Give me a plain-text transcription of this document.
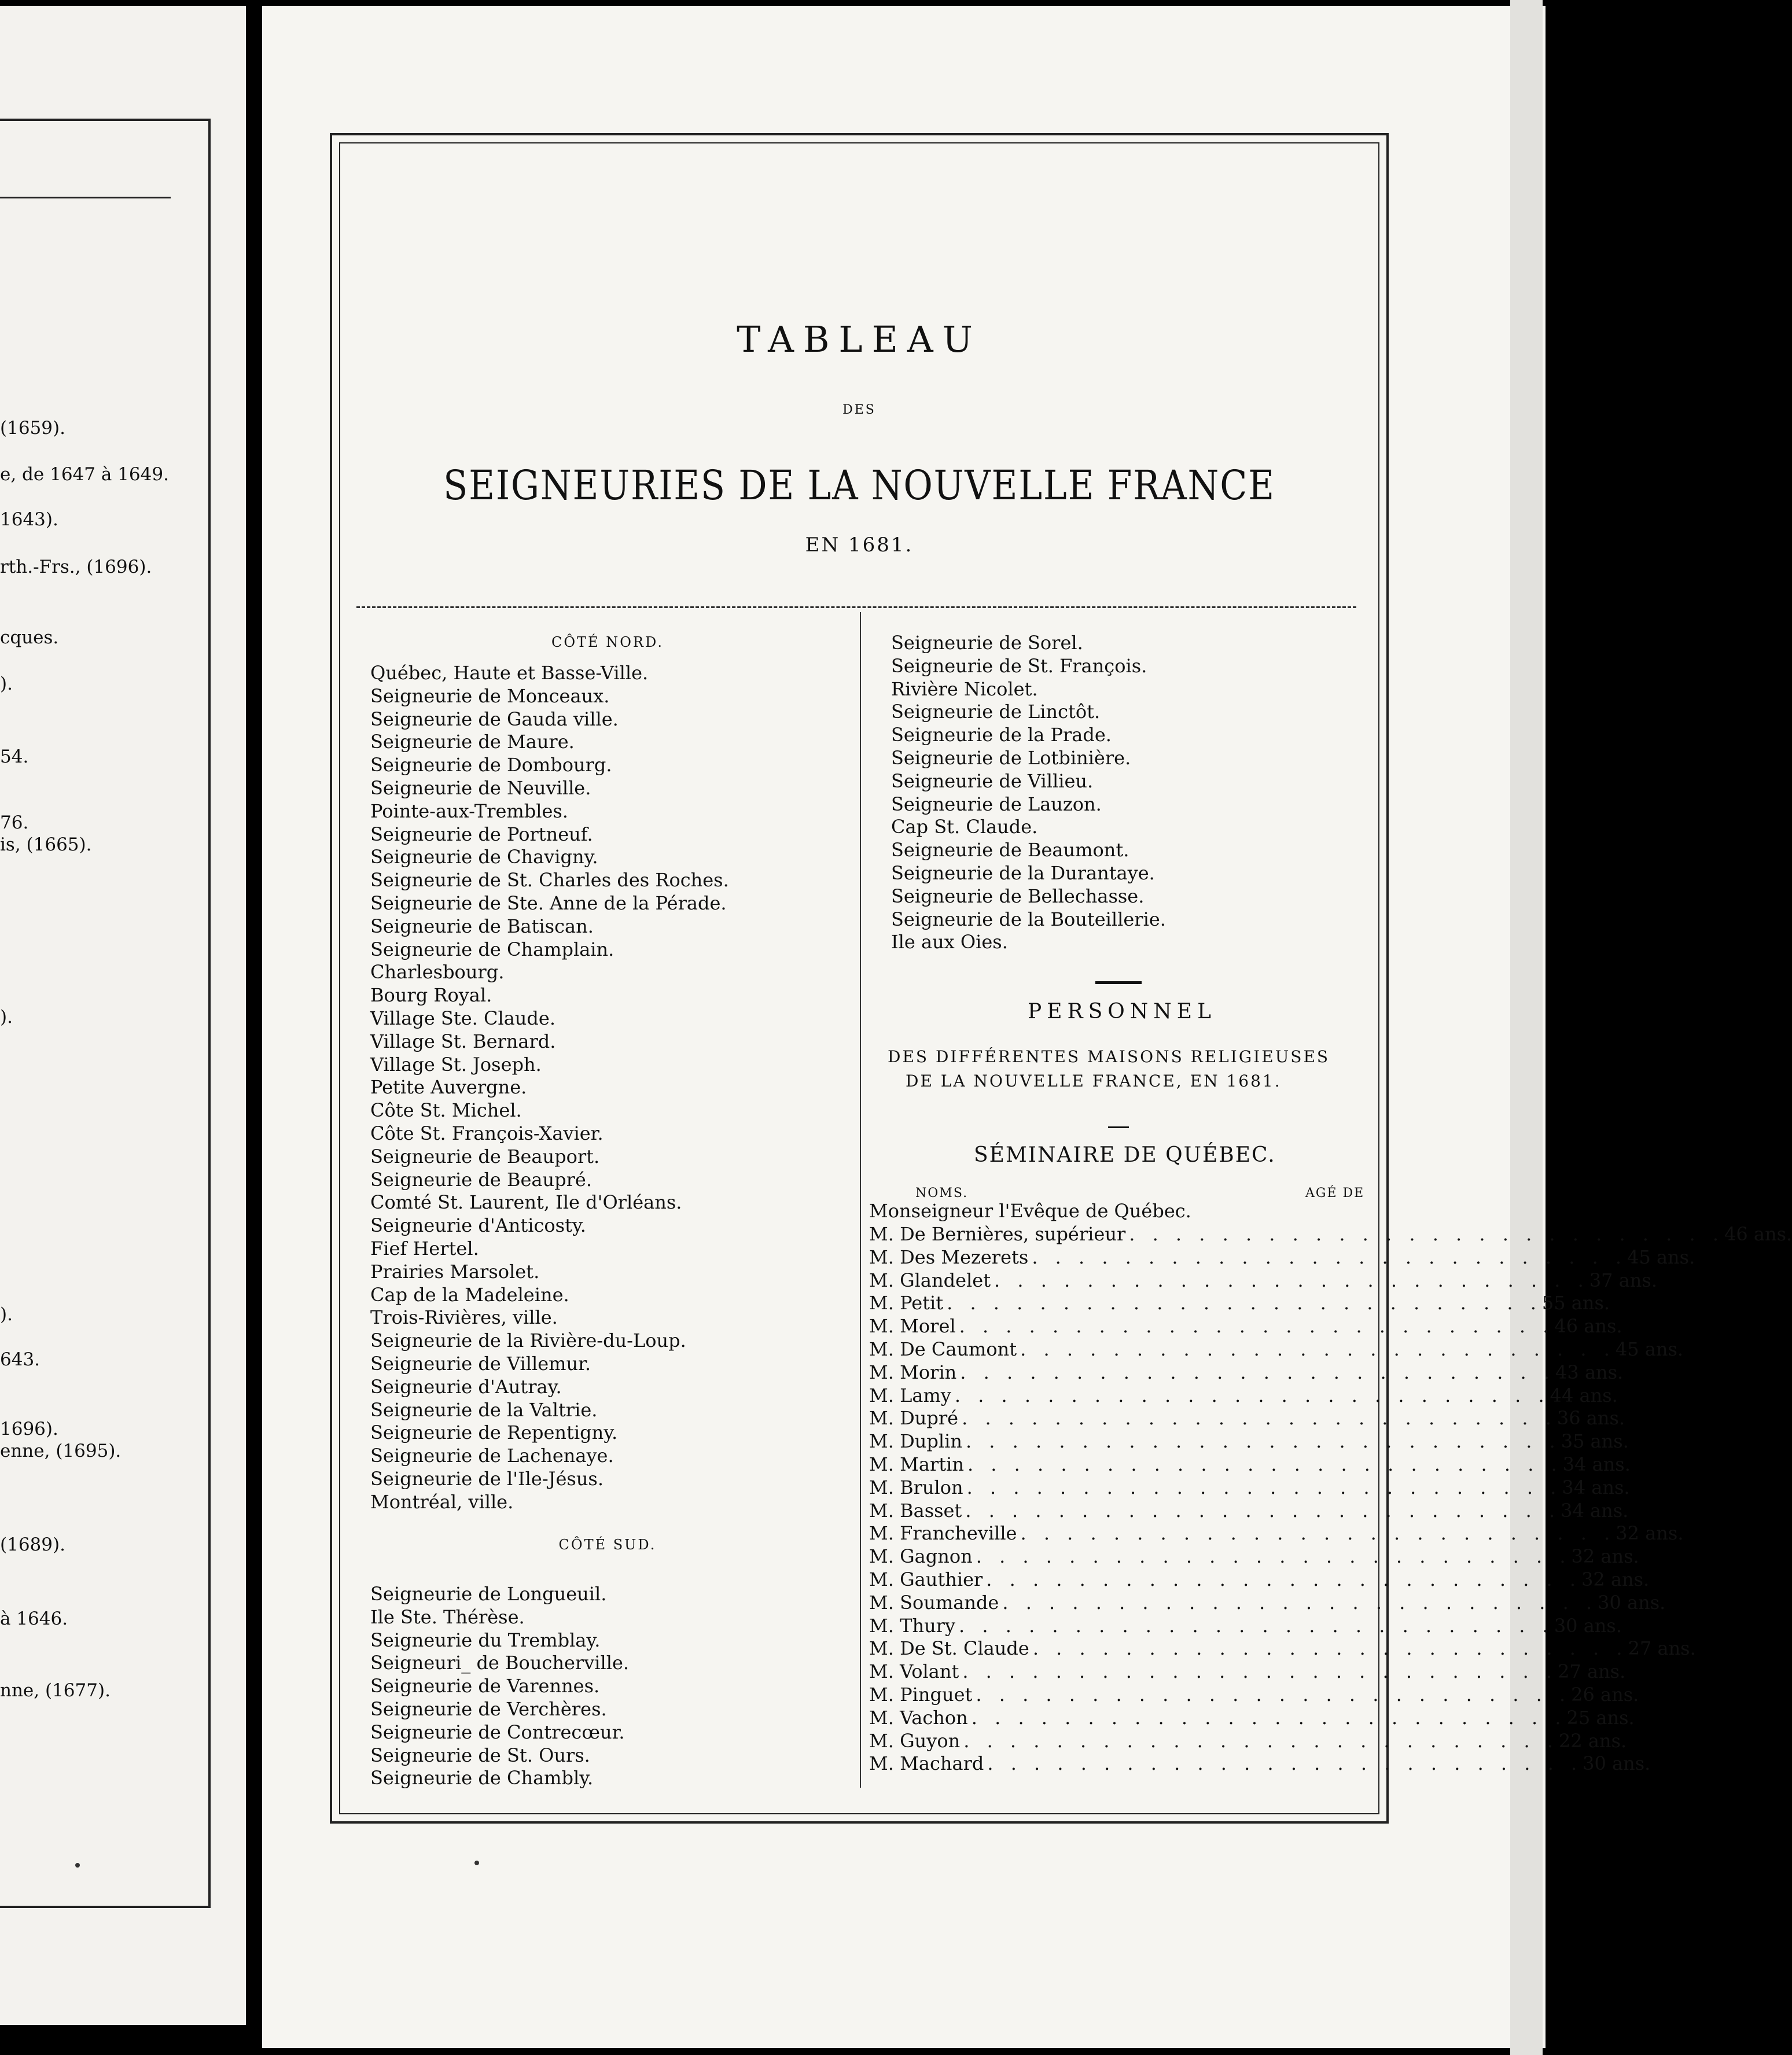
(1659).
e, de 1647 à 1649.
1643).
rth.-Frs., (1696).
cques.
).
54.
76.
is, (1665).
).
).
643.
1696).
enne, (1695).
(1689).
à 1646.
nne, (1677).
TABLEAU
DES
SEIGNEURIES DE LA NOUVELLE FRANCE
EN 1681.
CÔTÉ NORD.
Québec, Haute et Basse-Ville.
Seigneurie de Monceaux.
Seigneurie de Gauda ville.
Seigneurie de Maure.
Seigneurie de Dombourg.
Seigneurie de Neuville.
Pointe-aux-Trembles.
Seigneurie de Portneuf.
Seigneurie de Chavigny.
Seigneurie de St. Charles des Roches.
Seigneurie de Ste. Anne de la Pérade.
Seigneurie de Batiscan.
Seigneurie de Champlain.
Charlesbourg.
Bourg Royal.
Village Ste. Claude.
Village St. Bernard.
Village St. Joseph.
Petite Auvergne.
Côte St. Michel.
Côte St. François-Xavier.
Seigneurie de Beauport.
Seigneurie de Beaupré.
Comté St. Laurent, Ile d'Orléans.
Seigneurie d'Anticosty.
Fief Hertel.
Prairies Marsolet.
Cap de la Madeleine.
Trois-Rivières, ville.
Seigneurie de la Rivière-du-Loup.
Seigneurie de Villemur.
Seigneurie d'Autray.
Seigneurie de la Valtrie.
Seigneurie de Repentigny.
Seigneurie de Lachenaye.
Seigneurie de l'Ile-Jésus.
Montréal, ville.
CÔTÉ SUD.
Seigneurie de Longueuil.
Ile Ste. Thérèse.
Seigneurie du Tremblay.
Seigneuri_ de Boucherville.
Seigneurie de Varennes.
Seigneurie de Verchères.
Seigneurie de Contrecœur.
Seigneurie de St. Ours.
Seigneurie de Chambly.
Seigneurie de Sorel.
Seigneurie de St. François.
Rivière Nicolet.
Seigneurie de Linctôt.
Seigneurie de la Prade.
Seigneurie de Lotbinière.
Seigneurie de Villieu.
Seigneurie de Lauzon.
Cap St. Claude.
Seigneurie de Beaumont.
Seigneurie de la Durantaye.
Seigneurie de Bellechasse.
Seigneurie de la Bouteillerie.
Ile aux Oies.
PERSONNEL
DES DIFFÉRENTES MAISONS RELIGIEUSES
DE LA NOUVELLE FRANCE, EN 1681.
SÉMINAIRE DE QUÉBEC.
NOMS.	AGÉ DE
Monseigneur l'Evêque de Québec.
M. De Bernières, supérieur . . . . . . . . . . . . . . . . . . . . . . . . . . 46 ans.
M. Des Mezerets . . . . . . . . . . . . . . . . . . . . . . . . . . 45 ans.
M. Glandelet . . . . . . . . . . . . . . . . . . . . . . . . . . 37 ans.
M. Petit . . . . . . . . . . . . . . . . . . . . . . . . . . 55 ans.
M. Morel . . . . . . . . . . . . . . . . . . . . . . . . . . 46 ans.
M. De Caumont . . . . . . . . . . . . . . . . . . . . . . . . . . 45 ans.
M. Morin . . . . . . . . . . . . . . . . . . . . . . . . . . 43 ans.
M. Lamy . . . . . . . . . . . . . . . . . . . . . . . . . . 44 ans.
M. Dupré . . . . . . . . . . . . . . . . . . . . . . . . . . 36 ans.
M. Duplin . . . . . . . . . . . . . . . . . . . . . . . . . . 35 ans.
M. Martin . . . . . . . . . . . . . . . . . . . . . . . . . . 34 ans.
M. Brulon . . . . . . . . . . . . . . . . . . . . . . . . . . 34 ans.
M. Basset . . . . . . . . . . . . . . . . . . . . . . . . . . 34 ans.
M. Francheville . . . . . . . . . . . . . . . . . . . . . . . . . . 32 ans.
M. Gagnon . . . . . . . . . . . . . . . . . . . . . . . . . . 32 ans.
M. Gauthier . . . . . . . . . . . . . . . . . . . . . . . . . . 32 ans.
M. Soumande . . . . . . . . . . . . . . . . . . . . . . . . . . 30 ans.
M. Thury . . . . . . . . . . . . . . . . . . . . . . . . . . 30 ans.
M. De St. Claude . . . . . . . . . . . . . . . . . . . . . . . . . . 27 ans.
M. Volant . . . . . . . . . . . . . . . . . . . . . . . . . . 27 ans.
M. Pinguet . . . . . . . . . . . . . . . . . . . . . . . . . . 26 ans.
M. Vachon . . . . . . . . . . . . . . . . . . . . . . . . . . 25 ans.
M. Guyon . . . . . . . . . . . . . . . . . . . . . . . . . . 22 ans.
M. Machard . . . . . . . . . . . . . . . . . . . . . . . . . . 30 ans.
